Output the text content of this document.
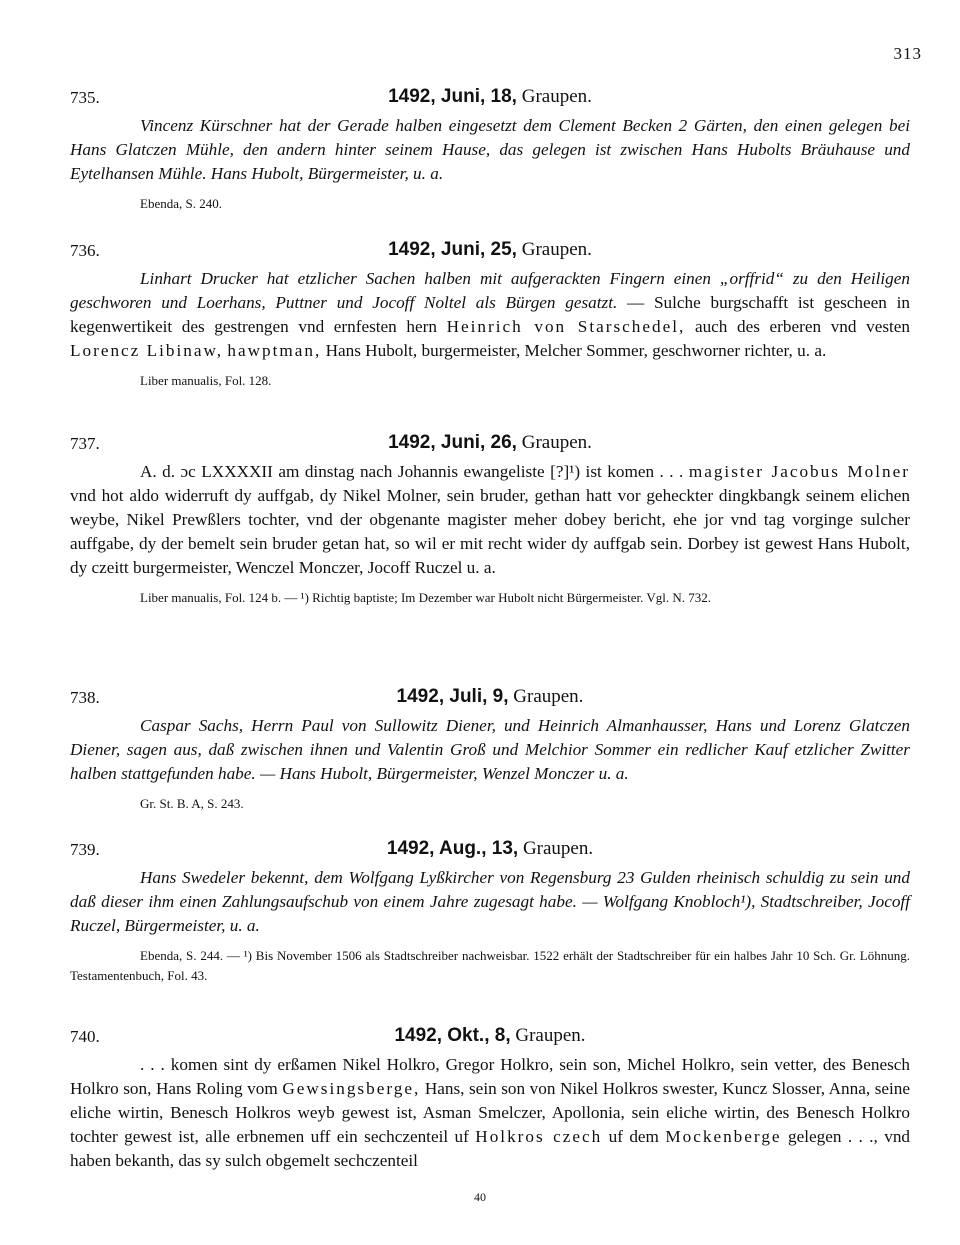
313
735.	1492, Juni, 18, Graupen.

Vincenz Kürschner hat der Gerade halben eingesetzt dem Clement Becken 2 Gärten, den einen gelegen bei Hans Glatczen Mühle, den andern hinter seinem Hause, das gelegen ist zwischen Hans Hubolts Bräuhause und Eytelhansen Mühle. Hans Hubolt, Bürgermeister, u. a.

Ebenda, S. 240.

736.	1492, Juni, 25, Graupen.

Linhart Drucker hat etzlicher Sachen halben mit aufgerackten Fingern einen „orffrid“ zu den Heiligen geschworen und Loerhans, Puttner und Jocoff Noltel als Bürgen gesatzt. — Sulche burgschafft ist gescheen in kegenwertikeit des gestrengen vnd ernfesten hern Heinrich von Starschedel, auch des erberen vnd vesten Lorencz Libinaw, hawptman, Hans Hubolt, burgermeister, Melcher Sommer, geschworner richter, u. a.

Liber manualis, Fol. 128.

737.	1492, Juni, 26, Graupen.

A. d. ɔc LXXXXII am dinstag nach Johannis ewangeliste [?]¹) ist komen . . . magister Jacobus Molner vnd hot aldo widerruft dy auffgab, dy Nikel Molner, sein bruder, gethan hatt vor geheckter dingkbangk seinem elichen weybe, Nikel Prewßlers tochter, vnd der obgenante magister meher dobey bericht, ehe jor vnd tag vorginge sulcher auffgabe, dy der bemelt sein bruder getan hat, so wil er mit recht wider dy auffgab sein. Dorbey ist gewest Hans Hubolt, dy czeitt burgermeister, Wenczel Monczer, Jocoff Ruczel u. a.

Liber manualis, Fol. 124 b. — ¹) Richtig baptiste; Im Dezember war Hubolt nicht Bürgermeister. Vgl. N. 732.

738.	1492, Juli, 9, Graupen.

Caspar Sachs, Herrn Paul von Sullowitz Diener, und Heinrich Almanhausser, Hans und Lorenz Glatczen Diener, sagen aus, daß zwischen ihnen und Valentin Groß und Melchior Sommer ein redlicher Kauf etzlicher Zwitter halben stattgefunden habe. — Hans Hubolt, Bürgermeister, Wenzel Monczer u. a.

Gr. St. B. A, S. 243.

739.	1492, Aug., 13, Graupen.

Hans Swedeler bekennt, dem Wolfgang Lyßkircher von Regensburg 23 Gulden rheinisch schuldig zu sein und daß dieser ihm einen Zahlungsaufschub von einem Jahre zugesagt habe. — Wolfgang Knobloch¹), Stadtschreiber, Jocoff Ruczel, Bürgermeister, u. a.

Ebenda, S. 244. — ¹) Bis November 1506 als Stadtschreiber nachweisbar. 1522 erhält der Stadtschreiber für ein halbes Jahr 10 Sch. Gr. Löhnung. Testamentenbuch, Fol. 43.

740.	1492, Okt., 8, Graupen.

. . . komen sint dy erßamen Nikel Holkro, Gregor Holkro, sein son, Michel Holkro, sein vetter, des Benesch Holkro son, Hans Roling vom Gewsingsberge, Hans, sein son von Nikel Holkros swester, Kuncz Slosser, Anna, seine eliche wirtin, Benesch Holkros weyb gewest ist, Asman Smelczer, Apollonia, sein eliche wirtin, des Benesch Holkro tochter gewest ist, alle erbnemen uff ein sechczenteil uf Holkros czech uf dem Mockenberge gelegen . . ., vnd haben bekanth, das sy sulch obgemelt sechczenteil

40
